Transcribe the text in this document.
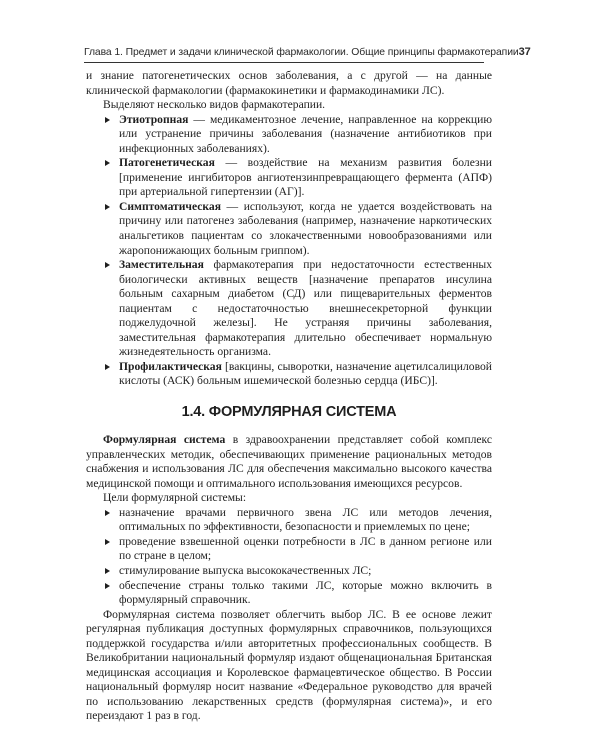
Глава 1. Предмет и задачи клинической фармакологии. Общие принципы фармакотерапии 37

и знание патогенетических основ заболевания, а с другой — на данные клинической фармакологии (фармакокинетики и фармакодинамики ЛС).

Выделяют несколько видов фармакотерапии.

Этиотропная — медикаментозное лечение, направленное на коррекцию или устранение причины заболевания (назначение антибиотиков при инфекционных заболеваниях).
Патогенетическая — воздействие на механизм развития болезни [применение ингибиторов ангиотензинпревращающего фермента (АПФ) при артериальной гипертензии (АГ)].
Симптоматическая — используют, когда не удается воздействовать на причину или патогенез заболевания (например, назначение наркотических анальгетиков пациентам со злокачественными новообразованиями или жаропонижающих больным гриппом).
Заместительная фармакотерапия при недостаточности естественных биологически активных веществ [назначение препаратов инсулина больным сахарным диабетом (СД) или пищеварительных ферментов пациентам с недостаточностью внешнесекреторной функции поджелудочной железы]. Не устраняя причины заболевания, заместительная фармакотерапия длительно обеспечивает нормальную жизнедеятельность организма.
Профилактическая [вакцины, сыворотки, назначение ацетилсалициловой кислоты (АСК) больным ишемической болезнью сердца (ИБС)].
1.4. ФОРМУЛЯРНАЯ СИСТЕМА

Формулярная система в здравоохранении представляет собой комплекс управленческих методик, обеспечивающих применение рациональных методов снабжения и использования ЛС для обеспечения максимально высокого качества медицинской помощи и оптимального использования имеющихся ресурсов.

Цели формулярной системы:

назначение врачами первичного звена ЛС или методов лечения, оптимальных по эффективности, безопасности и приемлемых по цене;
проведение взвешенной оценки потребности в ЛС в данном регионе или по стране в целом;
стимулирование выпуска высококачественных ЛС;
обеспечение страны только такими ЛС, которые можно включить в формулярный справочник.

Формулярная система позволяет облегчить выбор ЛС. В ее основе лежит регулярная публикация доступных формулярных справочников, пользующихся поддержкой государства и/или авторитетных профессиональных сообществ. В Великобритании национальный формуляр издают общенациональная Британская медицинская ассоциация и Королевское фармацевтическое общество. В России национальный формуляр носит название «Федеральное руководство для врачей по использованию лекарственных средств (формулярная система)», и его переиздают 1 раз в год.
